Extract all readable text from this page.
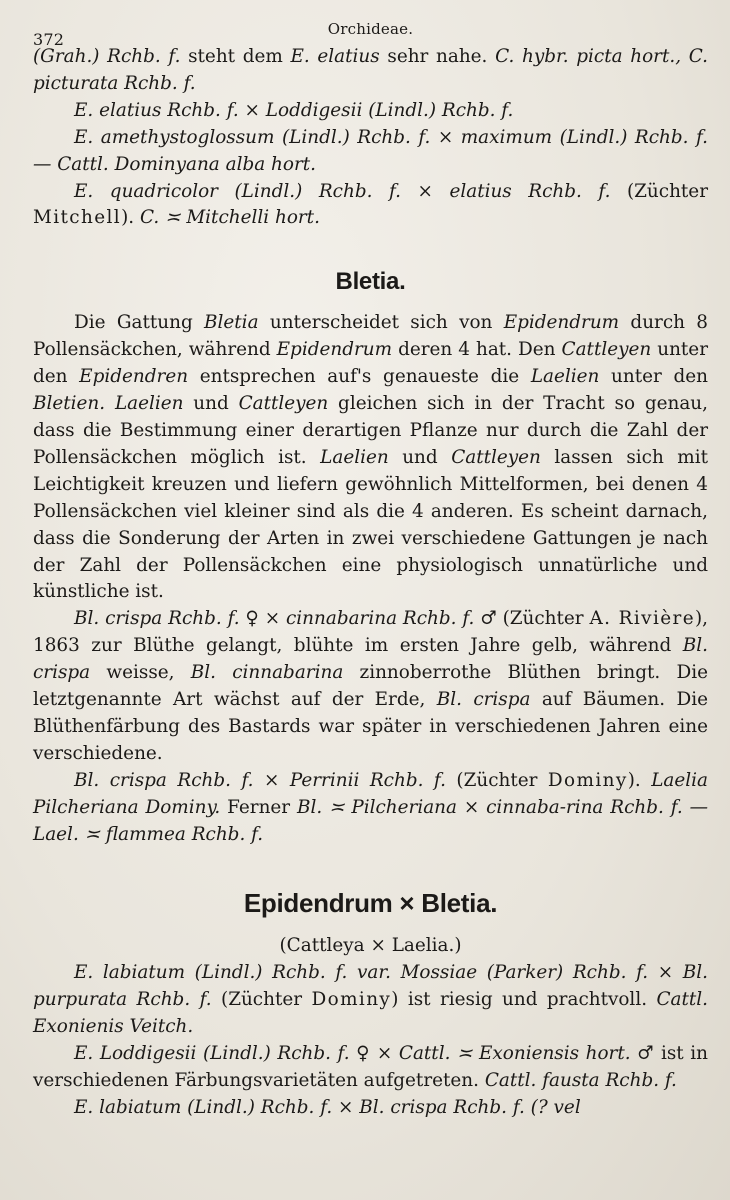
372
Orchideae.

(Grah.) Rchb. f. steht dem E. elatius sehr nahe. C. hybr. picta hort., C. picturata Rchb. f.

E. elatius Rchb. f. × Loddigesii (Lindl.) Rchb. f.

E. amethystoglossum (Lindl.) Rchb. f. × maximum (Lindl.) Rchb. f. — Cattl. Dominyana alba hort.

E. quadricolor (Lindl.) Rchb. f. × elatius Rchb. f. (Züchter Mitchell). C. ≍ Mitchelli hort.

Bletia.

Die Gattung Bletia unterscheidet sich von Epidendrum durch 8 Pollensäckchen, während Epidendrum deren 4 hat. Den Cattleyen unter den Epidendren entsprechen auf's genaueste die Laelien unter den Bletien. Laelien und Cattleyen gleichen sich in der Tracht so genau, dass die Bestimmung einer derartigen Pflanze nur durch die Zahl der Pollensäckchen möglich ist. Laelien und Cattleyen lassen sich mit Leichtigkeit kreuzen und liefern gewöhnlich Mittelformen, bei denen 4 Pollensäckchen viel kleiner sind als die 4 anderen. Es scheint darnach, dass die Sonderung der Arten in zwei verschiedene Gattungen je nach der Zahl der Pollensäckchen eine physiologisch unnatürliche und künstliche ist.

Bl. crispa Rchb. f. ♀ × cinnabarina Rchb. f. ♂ (Züchter A. Rivière), 1863 zur Blüthe gelangt, blühte im ersten Jahre gelb, während Bl. crispa weisse, Bl. cinnabarina zinnoberrothe Blüthen bringt. Die letztgenannte Art wächst auf der Erde, Bl. crispa auf Bäumen. Die Blüthenfärbung des Bastards war später in verschiedenen Jahren eine verschiedene.

Bl. crispa Rchb. f. × Perrinii Rchb. f. (Züchter Dominy). Laelia Pilcheriana Dominy. Ferner Bl. ≍ Pilcheriana × cinnaba-rina Rchb. f. — Lael. ≍ flammea Rchb. f.

Epidendrum × Bletia.

(Cattleya × Laelia.)

E. labiatum (Lindl.) Rchb. f. var. Mossiae (Parker) Rchb. f. × Bl. purpurata Rchb. f. (Züchter Dominy) ist riesig und prachtvoll. Cattl. Exonienis Veitch.

E. Loddigesii (Lindl.) Rchb. f. ♀ × Cattl. ≍ Exoniensis hort. ♂ ist in verschiedenen Färbungsvarietäten aufgetreten. Cattl. fausta Rchb. f.

E. labiatum (Lindl.) Rchb. f. × Bl. crispa Rchb. f. (? vel
